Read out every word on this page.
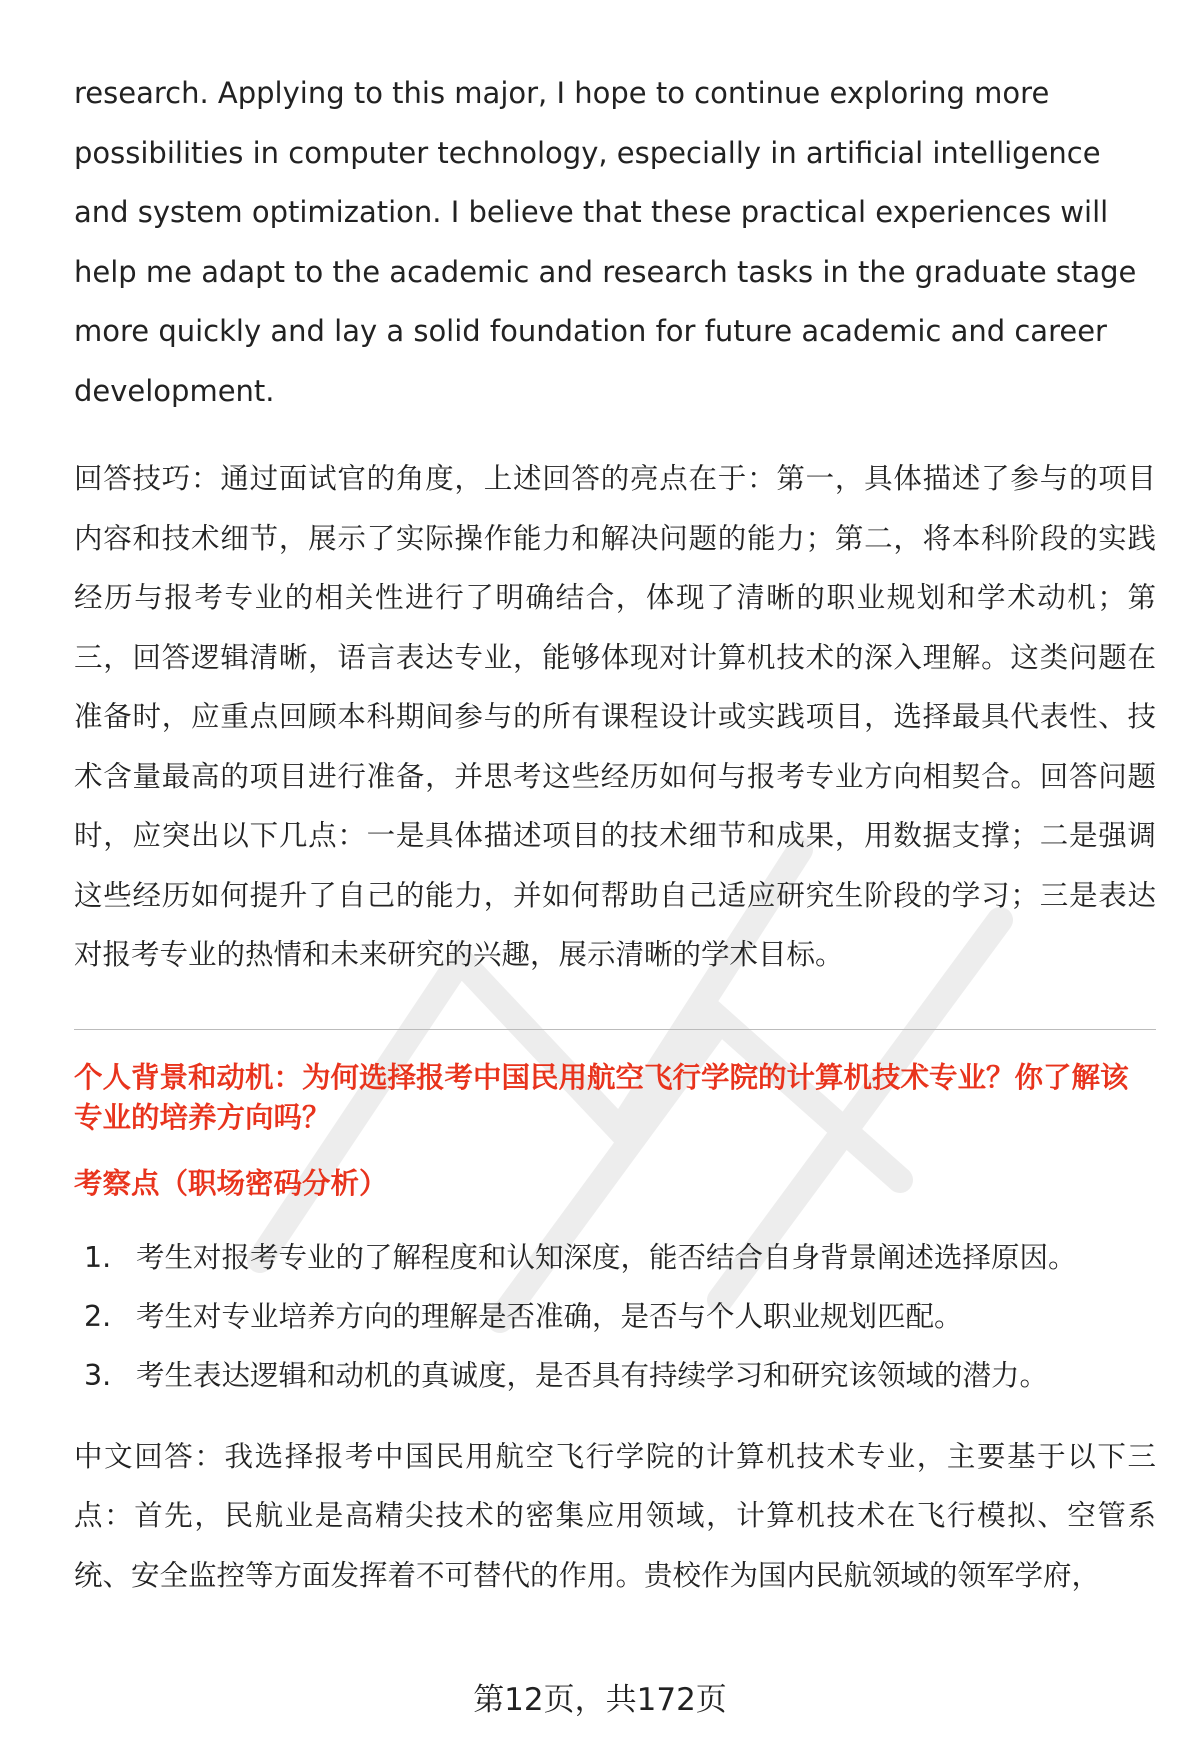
research. Applying to this major, I hope to continue exploring more possibilities in computer technology, especially in artificial intelligence and system optimization. I believe that these practical experiences will help me adapt to the academic and research tasks in the graduate stage more quickly and lay a solid foundation for future academic and career development.

回答技巧：通过面试官的角度，上述回答的亮点在于：第一，具体描述了参与的项目内容和技术细节，展示了实际操作能力和解决问题的能力；第二，将本科阶段的实践经历与报考专业的相关性进行了明确结合，体现了清晰的职业规划和学术动机；第三，回答逻辑清晰，语言表达专业，能够体现对计算机技术的深入理解。这类问题在准备时，应重点回顾本科期间参与的所有课程设计或实践项目，选择最具代表性、技术含量最高的项目进行准备，并思考这些经历如何与报考专业方向相契合。回答问题时，应突出以下几点：一是具体描述项目的技术细节和成果，用数据支撑；二是强调这些经历如何提升了自己的能力，并如何帮助自己适应研究生阶段的学习；三是表达对报考专业的热情和未来研究的兴趣，展示清晰的学术目标。

个人背景和动机：为何选择报考中国民用航空飞行学院的计算机技术专业？你了解该专业的培养方向吗？

考察点（职场密码分析）

1. 考生对报考专业的了解程度和认知深度，能否结合自身背景阐述选择原因。
2. 考生对专业培养方向的理解是否准确，是否与个人职业规划匹配。
3. 考生表达逻辑和动机的真诚度，是否具有持续学习和研究该领域的潜力。

中文回答：我选择报考中国民用航空飞行学院的计算机技术专业，主要基于以下三点：首先，民航业是高精尖技术的密集应用领域，计算机技术在飞行模拟、空管系统、安全监控等方面发挥着不可替代的作用。贵校作为国内民航领域的领军学府，

第12页，共172页
